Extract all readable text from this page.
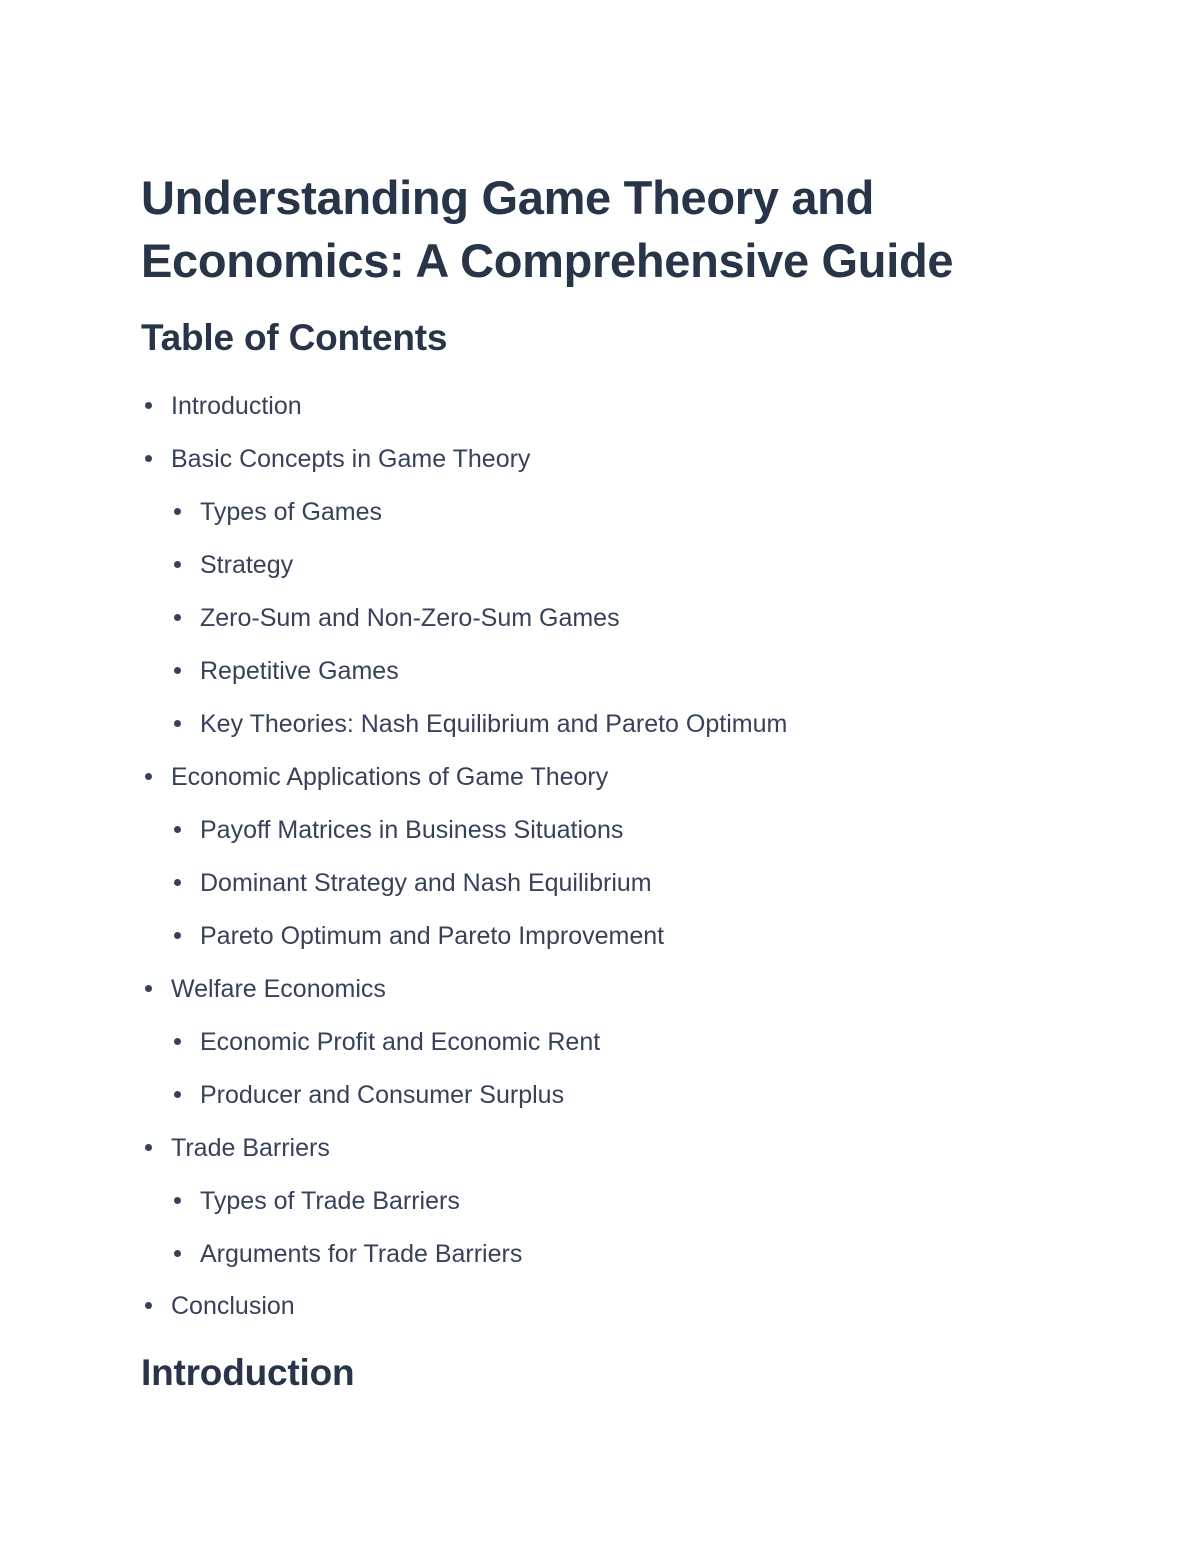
Understanding Game Theory and Economics: A Comprehensive Guide
Table of Contents
Introduction
Basic Concepts in Game Theory
Types of Games
Strategy
Zero-Sum and Non-Zero-Sum Games
Repetitive Games
Key Theories: Nash Equilibrium and Pareto Optimum
Economic Applications of Game Theory
Payoff Matrices in Business Situations
Dominant Strategy and Nash Equilibrium
Pareto Optimum and Pareto Improvement
Welfare Economics
Economic Profit and Economic Rent
Producer and Consumer Surplus
Trade Barriers
Types of Trade Barriers
Arguments for Trade Barriers
Conclusion
Introduction
